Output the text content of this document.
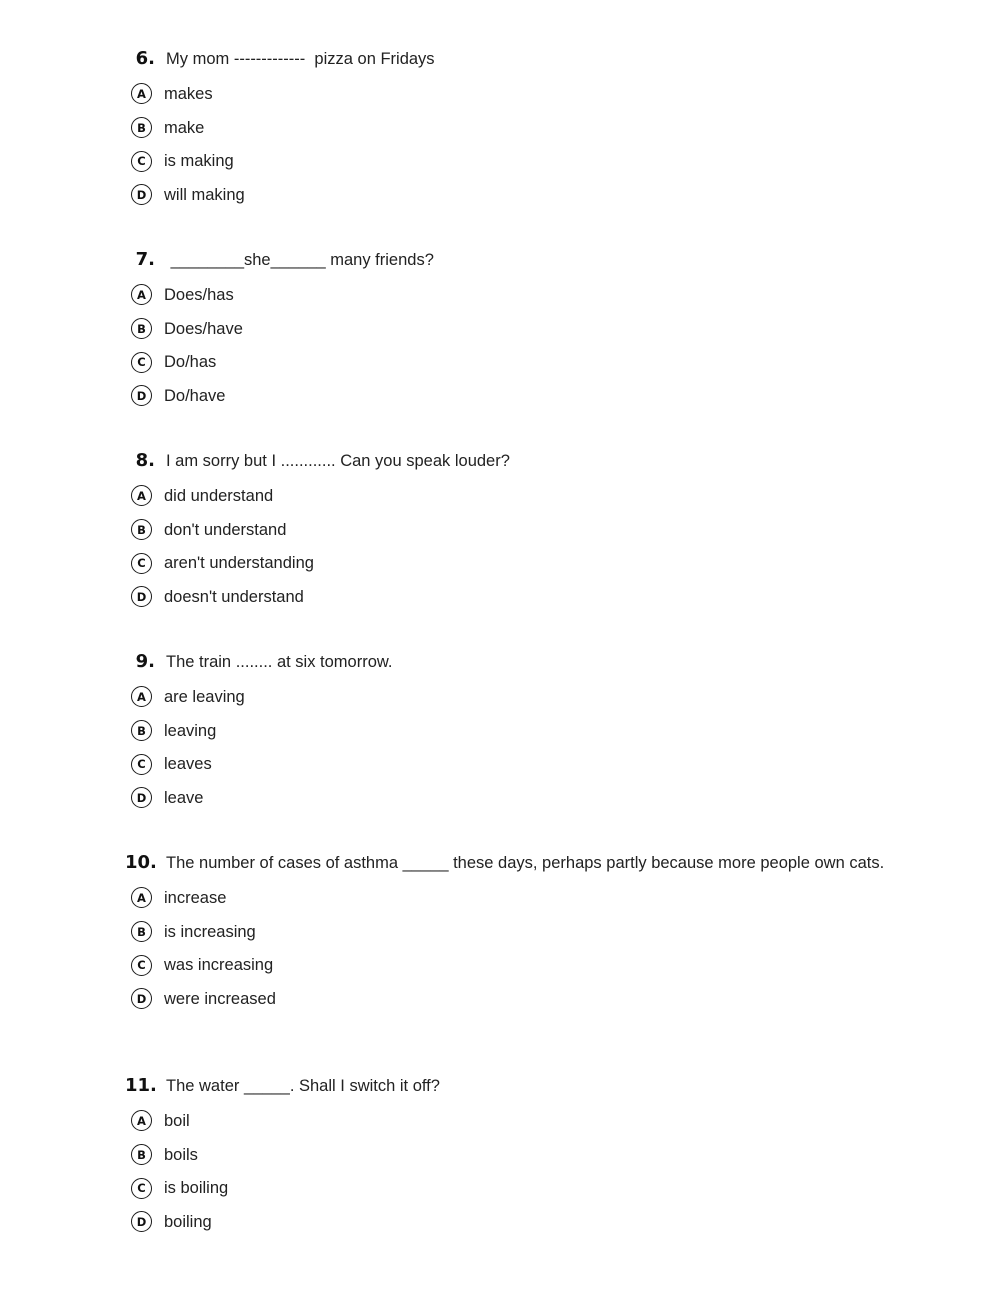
6. My mom -------------  pizza on Fridays
A	makes
B	make
C	is making
D	will making
7. ________she______ many friends?
A	Does/has
B	Does/have
C	Do/has
D	Do/have
8. I am sorry but I ............ Can you speak louder?
A	did understand
B	don't understand
C	aren't understanding
D	doesn't understand
9. The train ........ at six tomorrow.
A	are leaving
B	leaving
C	leaves
D	leave
10. The number of cases of asthma _____ these days, perhaps partly because more people own cats.
A	increase
B	is increasing
C	was increasing
D	were increased
11. The water _____. Shall I switch it off?
A	boil
B	boils
C	is boiling
D	boiling
